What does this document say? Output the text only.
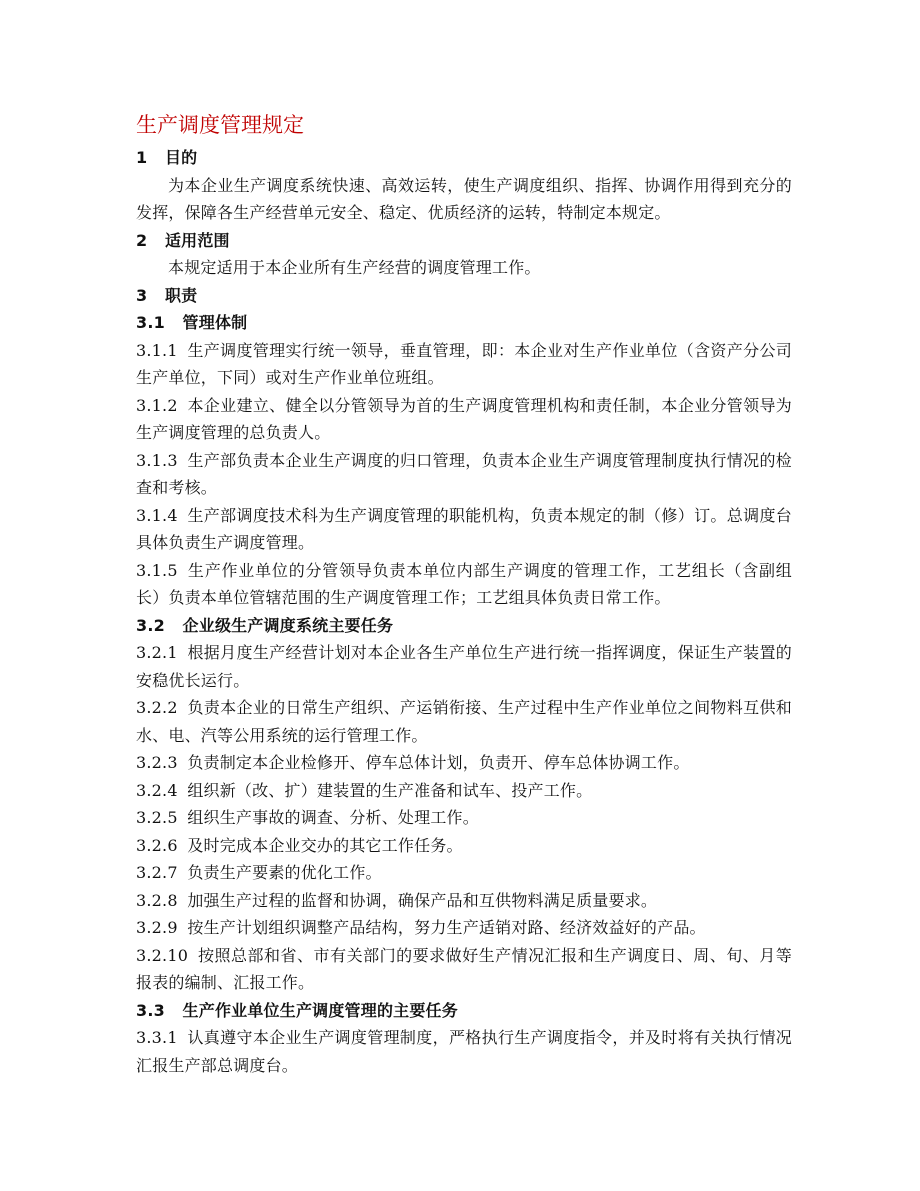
生产调度管理规定

1 目的

为本企业生产调度系统快速、高效运转，使生产调度组织、指挥、协调作用得到充分的发挥，保障各生产经营单元安全、稳定、优质经济的运转，特制定本规定。

2 适用范围

本规定适用于本企业所有生产经营的调度管理工作。

3 职责

3.1 管理体制

3.1.1 生产调度管理实行统一领导，垂直管理，即：本企业对生产作业单位（含资产分公司生产单位，下同）或对生产作业单位班组。

3.1.2 本企业建立、健全以分管领导为首的生产调度管理机构和责任制，本企业分管领导为生产调度管理的总负责人。

3.1.3 生产部负责本企业生产调度的归口管理，负责本企业生产调度管理制度执行情况的检查和考核。

3.1.4 生产部调度技术科为生产调度管理的职能机构，负责本规定的制（修）订。总调度台具体负责生产调度管理。

3.1.5 生产作业单位的分管领导负责本单位内部生产调度的管理工作，工艺组长（含副组长）负责本单位管辖范围的生产调度管理工作；工艺组具体负责日常工作。

3.2 企业级生产调度系统主要任务

3.2.1 根据月度生产经营计划对本企业各生产单位生产进行统一指挥调度，保证生产装置的安稳优长运行。

3.2.2 负责本企业的日常生产组织、产运销衔接、生产过程中生产作业单位之间物料互供和水、电、汽等公用系统的运行管理工作。

3.2.3 负责制定本企业检修开、停车总体计划，负责开、停车总体协调工作。

3.2.4 组织新（改、扩）建装置的生产准备和试车、投产工作。

3.2.5 组织生产事故的调查、分析、处理工作。

3.2.6 及时完成本企业交办的其它工作任务。

3.2.7 负责生产要素的优化工作。

3.2.8 加强生产过程的监督和协调，确保产品和互供物料满足质量要求。

3.2.9 按生产计划组织调整产品结构，努力生产适销对路、经济效益好的产品。

3.2.10 按照总部和省、市有关部门的要求做好生产情况汇报和生产调度日、周、旬、月等报表的编制、汇报工作。

3.3 生产作业单位生产调度管理的主要任务

3.3.1 认真遵守本企业生产调度管理制度，严格执行生产调度指令，并及时将有关执行情况汇报生产部总调度台。
